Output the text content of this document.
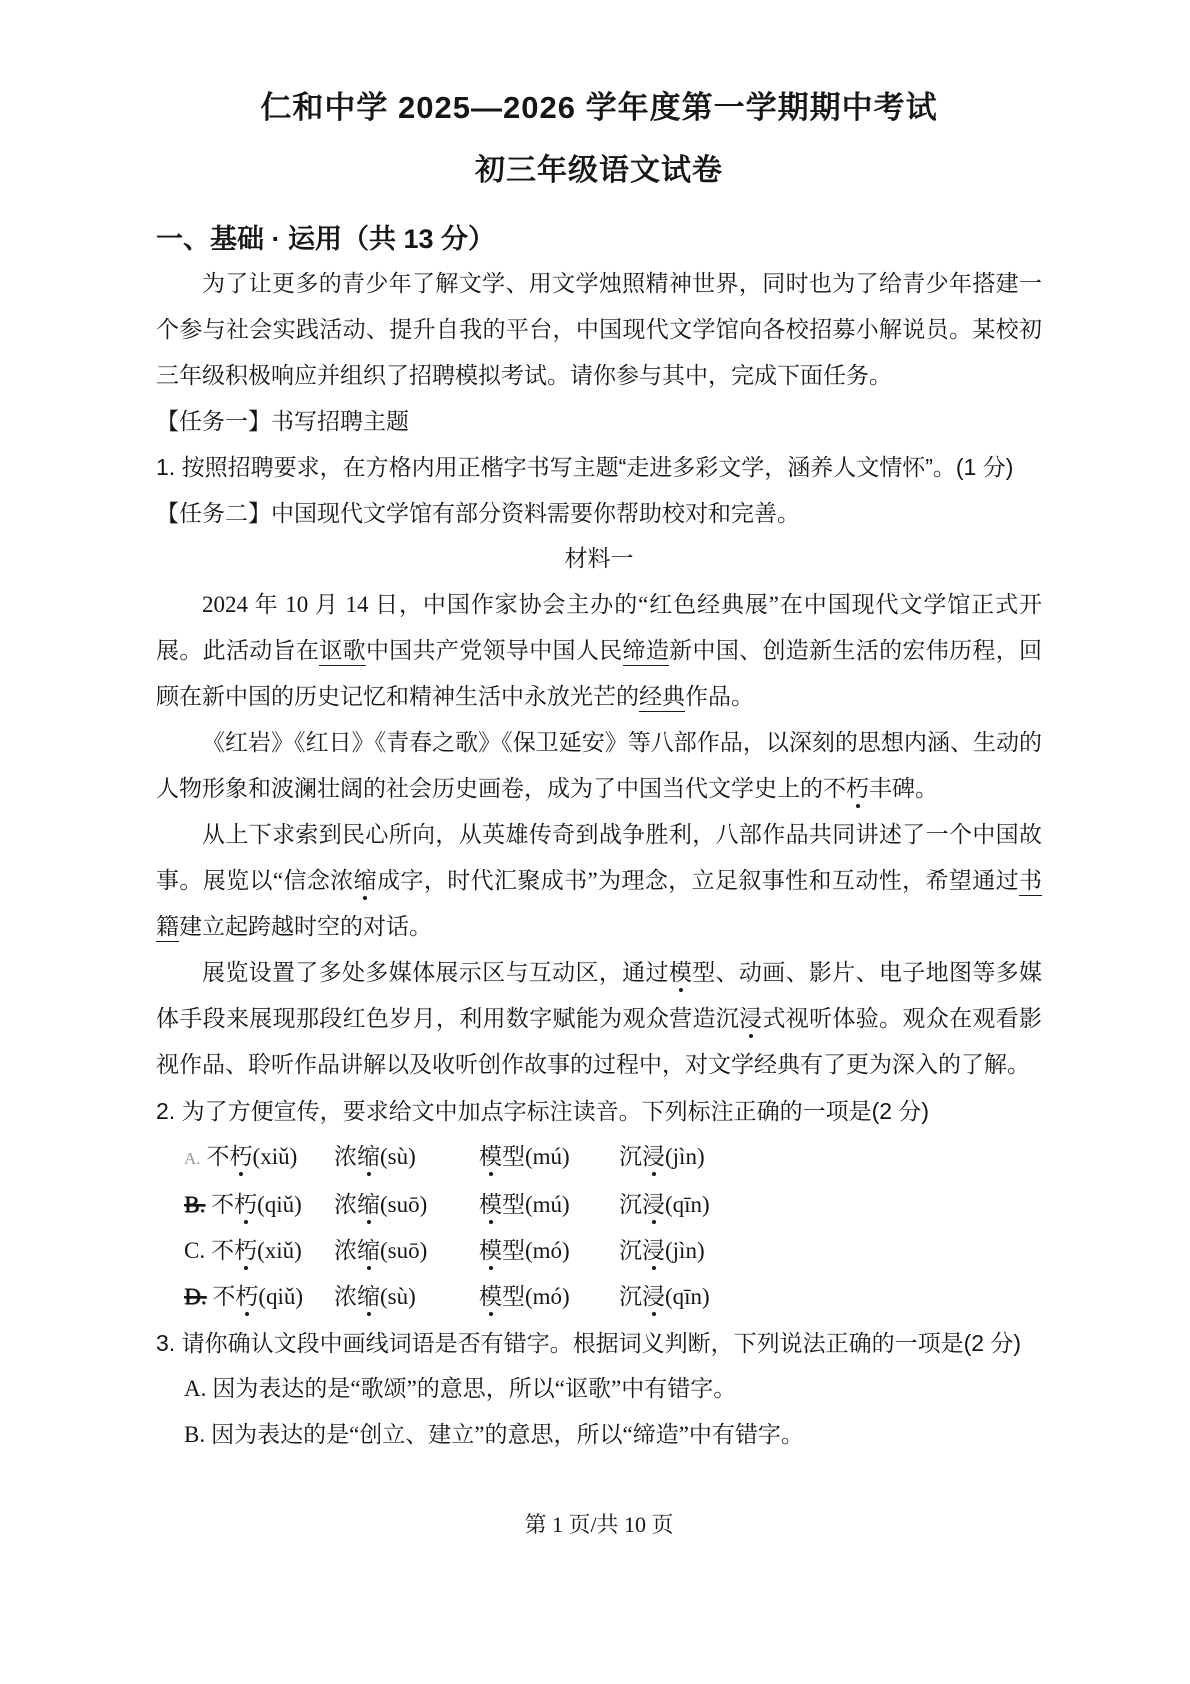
仁和中学 2025—2026 学年度第一学期期中考试
初三年级语文试卷
一、基础 · 运用（共 13 分）

为了让更多的青少年了解文学、用文学烛照精神世界，同时也为了给青少年搭建一个参与社会实践活动、提升自我的平台，中国现代文学馆向各校招募小解说员。某校初三年级积极响应并组织了招聘模拟考试。请你参与其中，完成下面任务。

【任务一】书写招聘主题
1. 按照招聘要求，在方格内用正楷字书写主题“走进多彩文学，涵养人文情怀”。(1 分)
【任务二】中国现代文学馆有部分资料需要你帮助校对和完善。
材料一

2024 年 10 月 14 日，中国作家协会主办的“红色经典展”在中国现代文学馆正式开展。此活动旨在讴歌中国共产党领导中国人民缔造新中国、创造新生活的宏伟历程，回顾在新中国的历史记忆和精神生活中永放光芒的经典作品。

《红岩》《红日》《青春之歌》《保卫延安》等八部作品，以深刻的思想内涵、生动的人物形象和波澜壮阔的社会历史画卷，成为了中国当代文学史上的不朽丰碑。

从上下求索到民心所向，从英雄传奇到战争胜利，八部作品共同讲述了一个中国故事。展览以“信念浓缩成字，时代汇聚成书”为理念，立足叙事性和互动性，希望通过书籍建立起跨越时空的对话。

展览设置了多处多媒体展示区与互动区，通过模型、动画、影片、电子地图等多媒体手段来展现那段红色岁月，利用数字赋能为观众营造沉浸式视听体验。观众在观看影视作品、聆听作品讲解以及收听创作故事的过程中，对文学经典有了更为深入的了解。

2. 为了方便宣传，要求给文中加点字标注读音。下列标注正确的一项是(2 分)
A. 不朽(xiǔ)	浓缩(sù)	模型(mú)	沉浸(jìn)
B. 不朽(qiǔ)	浓缩(suō)	模型(mú)	沉浸(qīn)
C. 不朽(xiǔ)	浓缩(suō)	模型(mó)	沉浸(jìn)
D. 不朽(qiǔ)	浓缩(sù)	模型(mó)	沉浸(qīn)
3. 请你确认文段中画线词语是否有错字。根据词义判断，下列说法正确的一项是(2 分)
A. 因为表达的是“歌颂”的意思，所以“讴歌”中有错字。
B. 因为表达的是“创立、建立”的意思，所以“缔造”中有错字。
第 1 页/共 10 页
